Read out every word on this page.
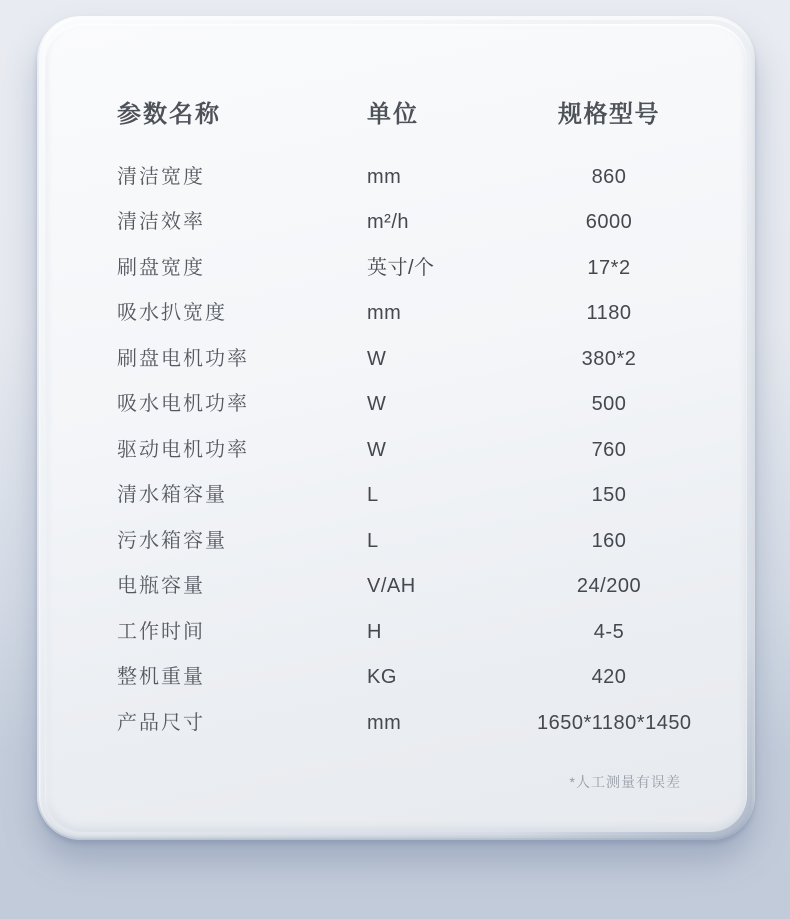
参数名称	单位	规格型号
清洁宽度	mm	860
清洁效率	m²/h	6000
刷盘宽度	英寸/个	17*2
吸水扒宽度	mm	1180
刷盘电机功率	W	380*2
吸水电机功率	W	500
驱动电机功率	W	760
清水箱容量	L	150
污水箱容量	L	160
电瓶容量	V/AH	24/200
工作时间	H	4-5
整机重量	KG	420
产品尺寸	mm	1650*1180*1450
*人工测量有误差
